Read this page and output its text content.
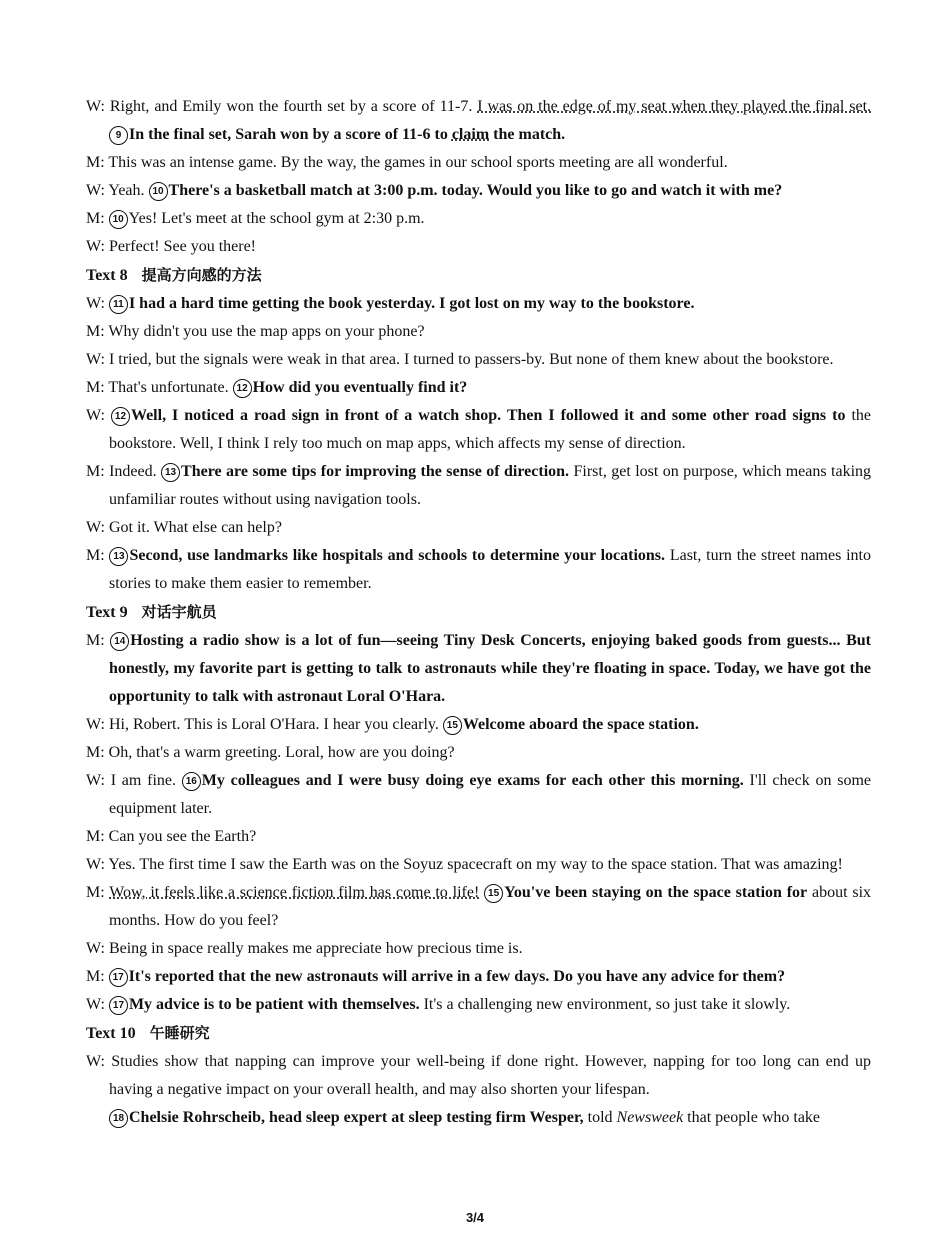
W: Right, and Emily won the fourth set by a score of 11-7. I was on the edge of my seat when they played the final set. 9 In the final set, Sarah won by a score of 11-6 to claim the match.

M: This was an intense game. By the way, the games in our school sports meeting are all wonderful.

W: Yeah. 10 There's a basketball match at 3:00 p.m. today. Would you like to go and watch it with me?

M: 10 Yes! Let's meet at the school gym at 2:30 p.m.

W: Perfect! See you there!

Text 8 提高方向感的方法

W: 11 I had a hard time getting the book yesterday. I got lost on my way to the bookstore.

M: Why didn't you use the map apps on your phone?

W: I tried, but the signals were weak in that area. I turned to passers-by. But none of them knew about the bookstore.

M: That's unfortunate. 12 How did you eventually find it?

W: 12 Well, I noticed a road sign in front of a watch shop. Then I followed it and some other road signs to the bookstore. Well, I think I rely too much on map apps, which affects my sense of direction.

M: Indeed. 13 There are some tips for improving the sense of direction. First, get lost on purpose, which means taking unfamiliar routes without using navigation tools.

W: Got it. What else can help?

M: 13 Second, use landmarks like hospitals and schools to determine your locations. Last, turn the street names into stories to make them easier to remember.

Text 9 对话宇航员

M: 14 Hosting a radio show is a lot of fun—seeing Tiny Desk Concerts, enjoying baked goods from guests... But honestly, my favorite part is getting to talk to astronauts while they're floating in space. Today, we have got the opportunity to talk with astronaut Loral O'Hara.

W: Hi, Robert. This is Loral O'Hara. I hear you clearly. 15 Welcome aboard the space station.

M: Oh, that's a warm greeting. Loral, how are you doing?

W: I am fine. 16 My colleagues and I were busy doing eye exams for each other this morning. I'll check on some equipment later.

M: Can you see the Earth?

W: Yes. The first time I saw the Earth was on the Soyuz spacecraft on my way to the space station. That was amazing!

M: Wow, it feels like a science fiction film has come to life! 15 You've been staying on the space station for about six months. How do you feel?

W: Being in space really makes me appreciate how precious time is.

M: 17 It's reported that the new astronauts will arrive in a few days. Do you have any advice for them?

W: 17 My advice is to be patient with themselves. It's a challenging new environment, so just take it slowly.

Text 10 午睡研究

W: Studies show that napping can improve your well-being if done right. However, napping for too long can end up having a negative impact on your overall health, and may also shorten your lifespan.

18 Chelsie Rohrscheib, head sleep expert at sleep testing firm Wesper, told Newsweek that people who take

3/4
